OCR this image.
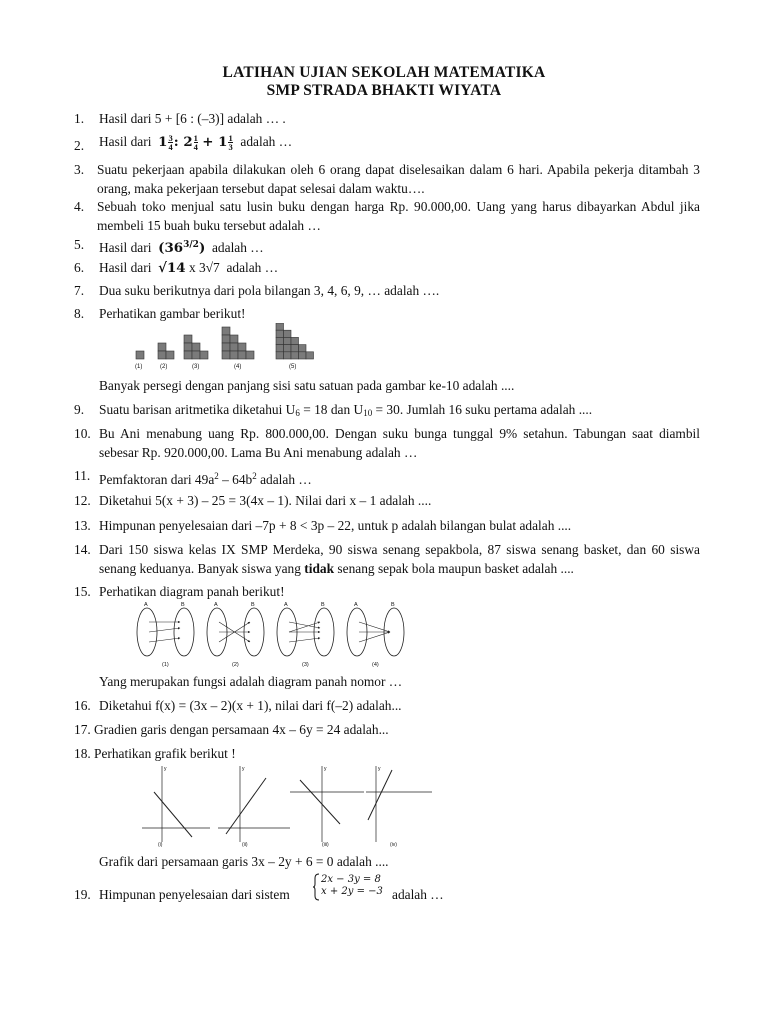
LATIHAN UJIAN SEKOLAH MATEMATIKA
SMP STRADA BHAKTI WIYATA
1.	Hasil dari 5 + [6 : (–3)] adalah … .
2.	Hasil dari $1 \frac{3}{4}$ : $2 \frac{1}{4} + 1 \frac{1}{3}$ adalah …
3. Suatu pekerjaan apabila dilakukan oleh 6 orang dapat diselesaikan dalam 6 hari. Apabila pekerja ditambah 3 orang, maka pekerjaan tersebut dapat selesai dalam waktu….
4. Sebuah toko menjual satu lusin buku dengan harga Rp. 90.000,00. Uang yang harus dibayarkan Abdul jika membeli 15 buah buku tersebut adalah …
5.	Hasil dari $(36^{3/2})$ adalah …
6.	Hasil dari √14 x 3√7 adalah …
7.	Dua suku berikutnya dari pola bilangan 3, 4, 6, 9, … adalah ….
8.	Perhatikan gambar berikut!
(1)	(2)	(3)	(4)	(5)
Banyak persegi dengan panjang sisi satu satuan pada gambar ke-10 adalah ....
9.	Suatu barisan aritmetika diketahui $U_6 = 18$ dan $U_{10} = 30$. Jumlah 16 suku pertama adalah ....
10. Bu Ani menabung uang Rp. 800.000,00. Dengan suku bunga tunggal 9% setahun. Tabungan saat diambil sebesar Rp. 920.000,00. Lama Bu Ani menabung adalah …
11. Pemfaktoran dari $49a^2 - 64b^2$ adalah …
12. Diketahui 5(x + 3) – 25 = 3(4x – 1). Nilai dari x – 1 adalah ....
13. Himpunan penyelesaian dari –7p + 8 < 3p – 22, untuk p adalah bilangan bulat adalah ....
14. Dari 150 siswa kelas IX SMP Merdeka, 90 siswa senang sepakbola, 87 siswa senang basket, dan 60 siswa senang keduanya. Banyak siswa yang tidak senang sepak bola maupun basket adalah ....
15. Perhatikan diagram panah berikut!
A	B	A	B	A	B	A	B
(1)	(2)	(3)	(4)
Yang merupakan fungsi adalah diagram panah nomor …
16. Diketahui f(x) = (3x – 2)(x + 1), nilai dari f(–2) adalah...
17. Gradien garis dengan persamaan 4x – 6y = 24 adalah...
18. Perhatikan grafik berikut !
y	y	y	y
(i)	(ii)	(iii)	(iv)
Grafik dari persamaan garis 3x – 2y + 6 = 0 adalah ....
19. Himpunan penyelesaian dari sistem
2x − 3y = 8
x + 2y = −3 adalah …
